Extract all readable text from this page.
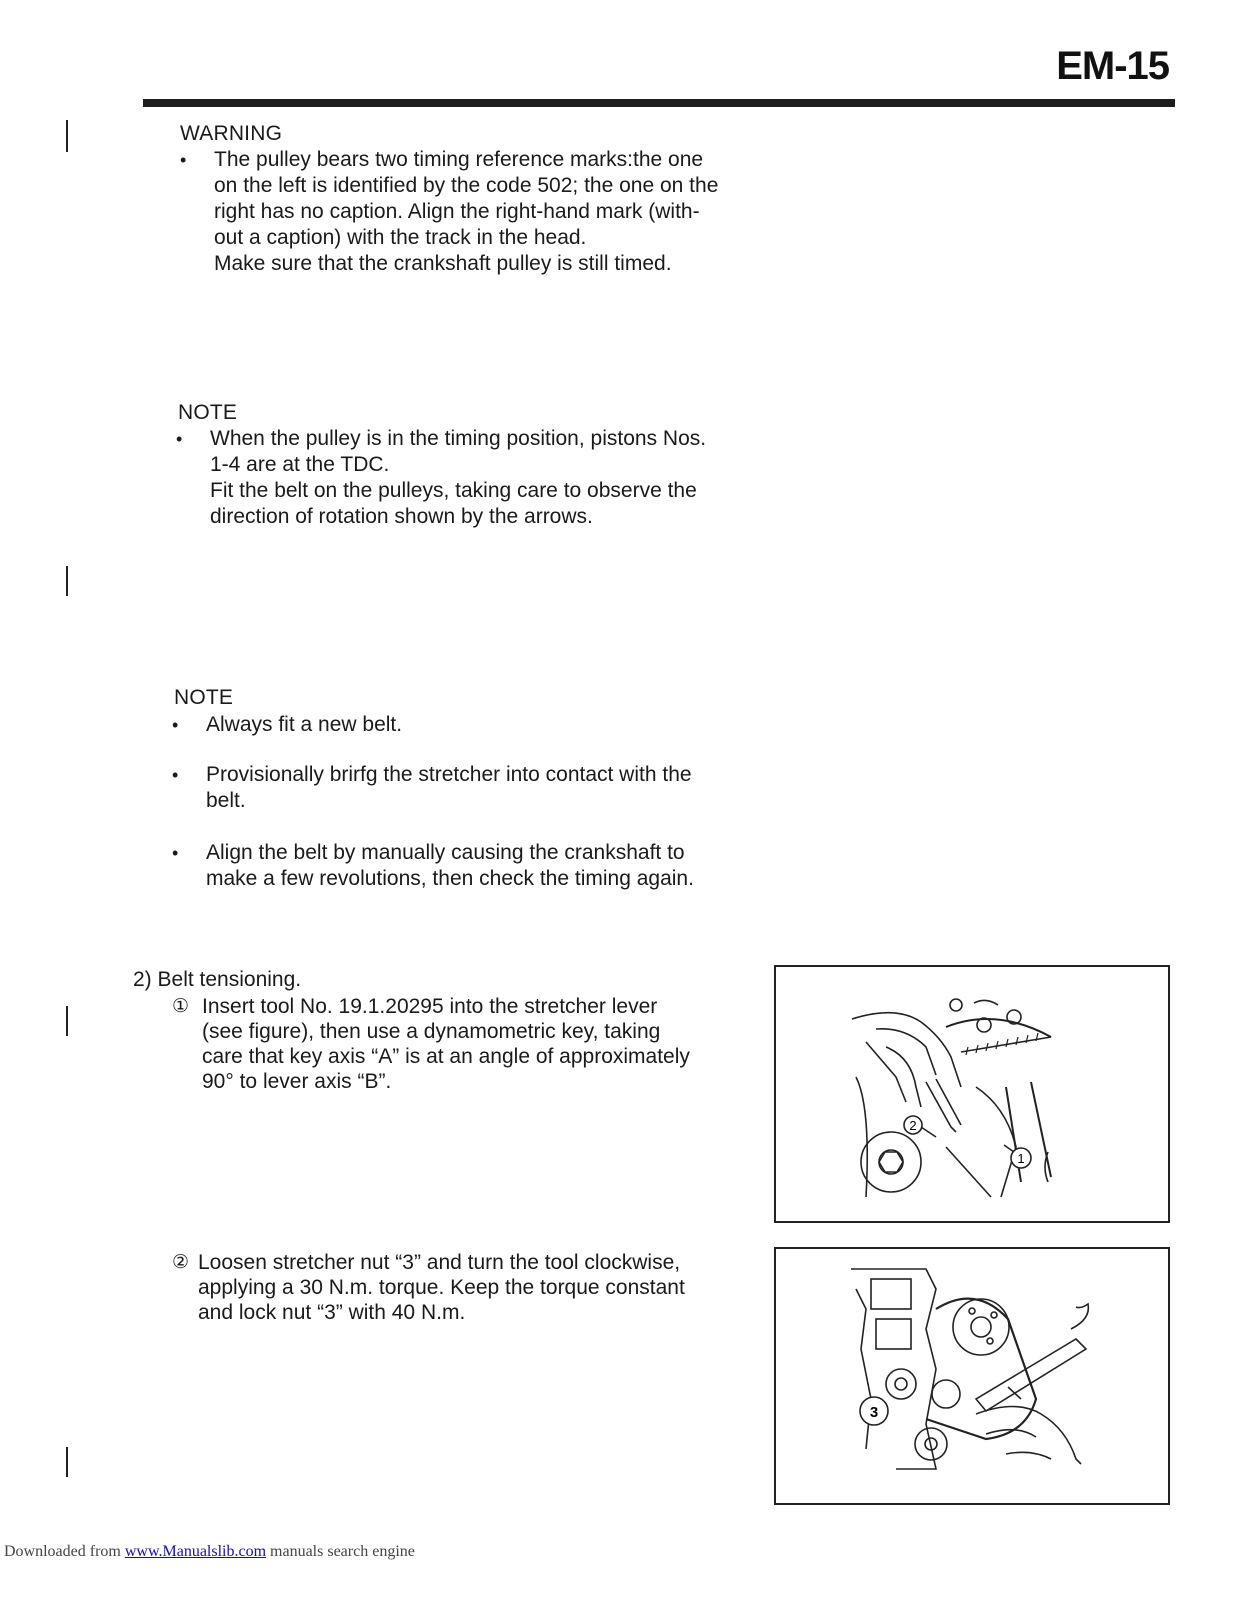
EM-15
WARNING
• The pulley bears two timing reference marks:the one
on the left is identified by the code 502; the one on the
right has no caption. Align the right-hand mark (with-
out a caption) with the track in the head.
Make sure that the crankshaft pulley is still timed.
NOTE
• When the pulley is in the timing position, pistons Nos.
1-4 are at the TDC.
Fit the belt on the pulleys, taking care to observe the
direction of rotation shown by the arrows.
NOTE
• Always fit a new belt.
• Provisionally brirfg the stretcher into contact with the
belt.
• Align the belt by manually causing the crankshaft to
make a few revolutions, then check the timing again.
2) Belt tensioning.
① Insert tool No. 19.1.20295 into the stretcher lever
(see figure), then use a dynamometric key, taking
care that key axis “A” is at an angle of approximately
90° to lever axis “B”.
② Loosen stretcher nut “3” and turn the tool clockwise,
applying a 30 N.m. torque. Keep the torque constant
and lock nut “3” with 40 N.m.
2
1
3
Downloaded from www.Manualslib.com manuals search engine
